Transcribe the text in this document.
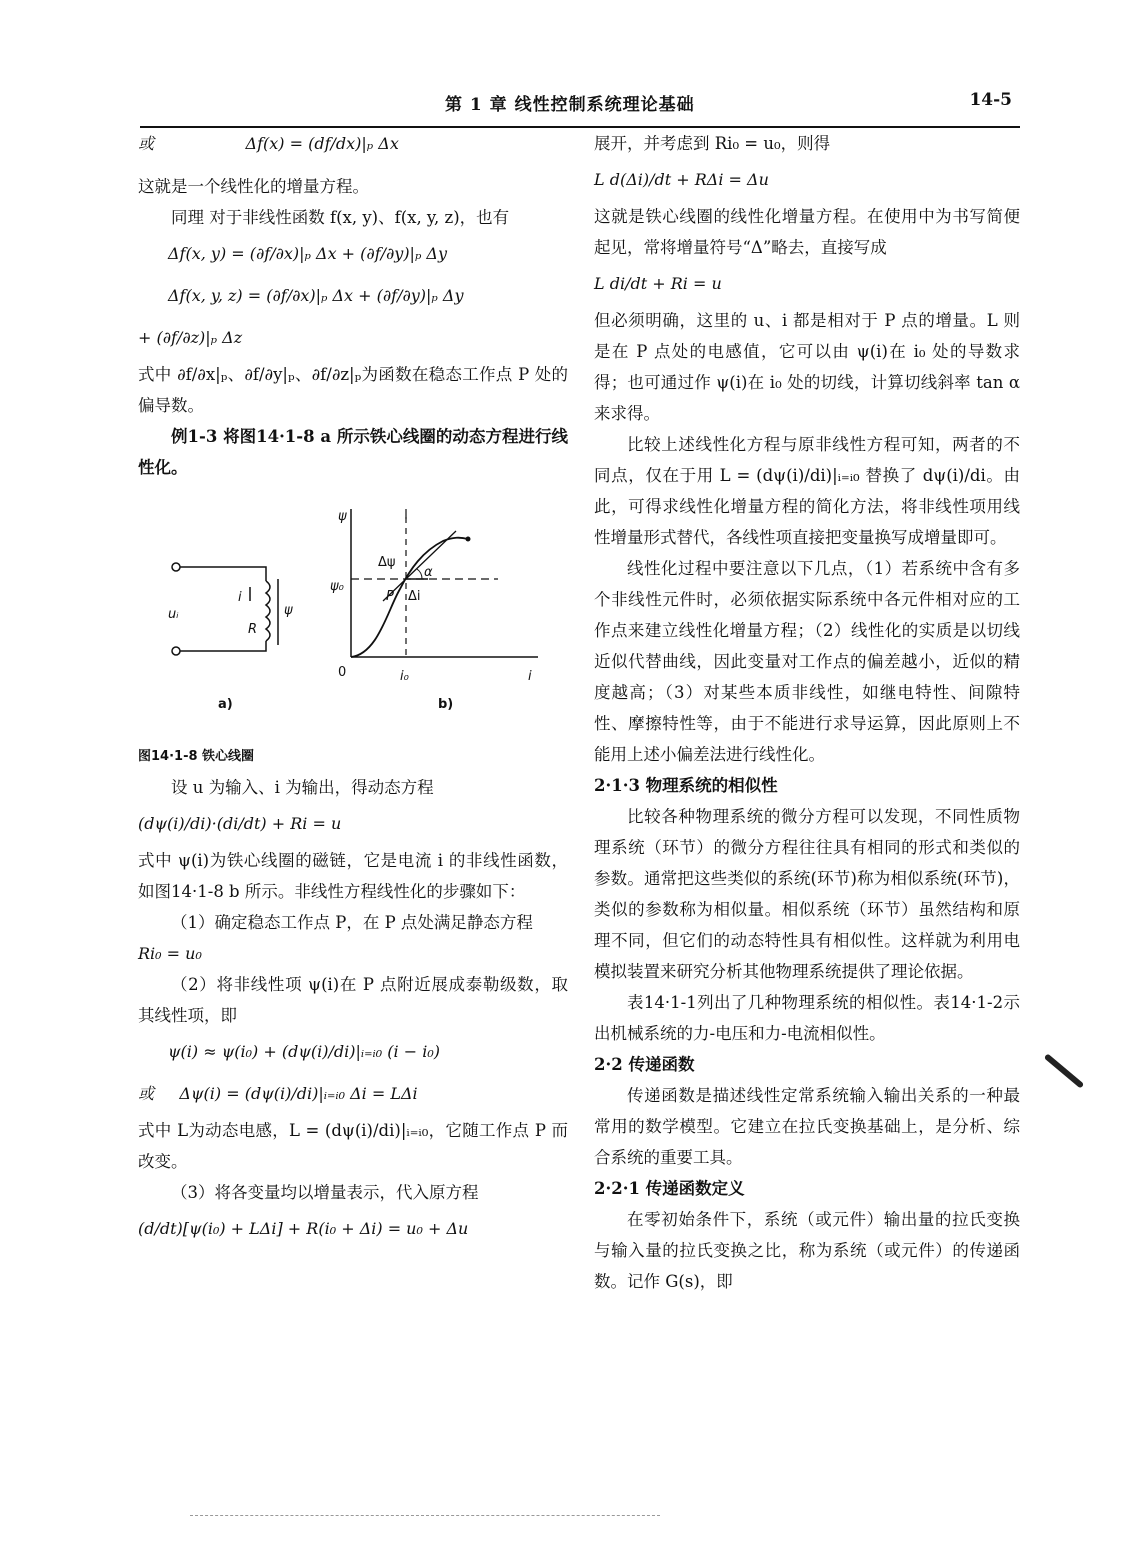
第 1 章 线性控制系统理论基础	14-5

或                  Δf(x) = (df/dx)|ₚ Δx

这就是一个线性化的增量方程。

同理 对于非线性函数 f(x, y)、f(x, y, z)，也有

Δf(x, y) = (∂f/∂x)|ₚ Δx + (∂f/∂y)|ₚ Δy

Δf(x, y, z) = (∂f/∂x)|ₚ Δx + (∂f/∂y)|ₚ Δy

+ (∂f/∂z)|ₚ Δz

式中 ∂f/∂x|ₚ、∂f/∂y|ₚ、∂f/∂z|ₚ为函数在稳态工作点 P 处的偏导数。

例1-3 将图14·1-8 a 所示铁心线圈的动态方程进行线性化。

uᵢ
i
R
ψ
a)	b)
ψ
ψ₀
Δψ
α
P Δi
0	i₀	i

图14·1-8 铁心线圈

设 u 为输入、i 为输出，得动态方程

(dψ(i)/di)·(di/dt) + Ri = u

式中 ψ(i)为铁心线圈的磁链，它是电流 i 的非线性函数，如图14·1-8 b 所示。非线性方程线性化的步骤如下：

（1）确定稳态工作点 P，在 P 点处满足静态方程

Ri₀ = u₀

（2）将非线性项 ψ(i)在 P 点附近展成泰勒级数，取其线性项，即

ψ(i) ≈ ψ(i₀) + (dψ(i)/di)|ᵢ₌ᵢ₀ (i − i₀)

或     Δψ(i) = (dψ(i)/di)|ᵢ₌ᵢ₀ Δi = LΔi

式中 L为动态电感，L = (dψ(i)/di)|ᵢ₌ᵢ₀，它随工作点 P 而改变。

（3）将各变量均以增量表示，代入原方程

(d/dt)[ψ(i₀) + LΔi] + R(i₀ + Δi) = u₀ + Δu

展开，并考虑到 Ri₀ = u₀，则得

L d(Δi)/dt + RΔi = Δu

这就是铁心线圈的线性化增量方程。在使用中为书写简便起见，常将增量符号“Δ”略去，直接写成

L di/dt + Ri = u

但必须明确，这里的 u、i 都是相对于 P 点的增量。L 则是在 P 点处的电感值，它可以由 ψ(i)在 i₀ 处的导数求得；也可通过作 ψ(i)在 i₀ 处的切线，计算切线斜率 tan α 来求得。

比较上述线性化方程与原非线性方程可知，两者的不同点，仅在于用 L = (dψ(i)/di)|ᵢ₌ᵢ₀ 替换了 dψ(i)/di。由此，可得求线性化增量方程的简化方法，将非线性项用线性增量形式替代，各线性项直接把变量换写成增量即可。

线性化过程中要注意以下几点，（1）若系统中含有多个非线性元件时，必须依据实际系统中各元件相对应的工作点来建立线性化增量方程；（2）线性化的实质是以切线近似代替曲线，因此变量对工作点的偏差越小，近似的精度越高；（3）对某些本质非线性，如继电特性、间隙特性、摩擦特性等，由于不能进行求导运算，因此原则上不能用上述小偏差法进行线性化。

2·1·3 物理系统的相似性

比较各种物理系统的微分方程可以发现，不同性质物理系统（环节）的微分方程往往具有相同的形式和类似的参数。通常把这些类似的系统(环节)称为相似系统(环节)，类似的参数称为相似量。相似系统（环节）虽然结构和原理不同，但它们的动态特性具有相似性。这样就为利用电模拟装置来研究分析其他物理系统提供了理论依据。

表14·1-1列出了几种物理系统的相似性。表14·1-2示出机械系统的力-电压和力-电流相似性。

2·2 传递函数

传递函数是描述线性定常系统输入输出关系的一种最常用的数学模型。它建立在拉氏变换基础上，是分析、综合系统的重要工具。

2·2·1 传递函数定义

在零初始条件下，系统（或元件）输出量的拉氏变换与输入量的拉氏变换之比，称为系统（或元件）的传递函数。记作 G(s)，即
